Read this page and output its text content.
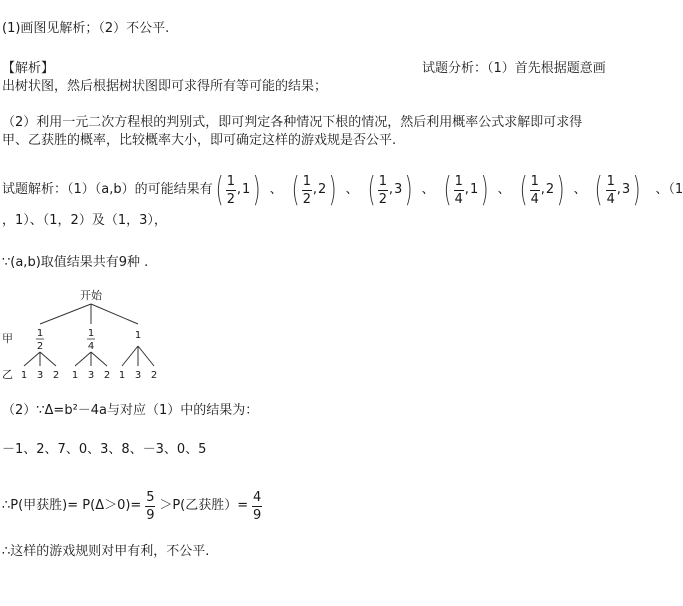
(1)画图见解析；（2）不公平.
【解析】	试题分析：（1）首先根据题意画
出树状图，然后根据树状图即可求得所有等可能的结果；
（2）利用一元二次方程根的判别式，即可判定各种情况下根的情况，然后利用概率公式求解即可求得
甲、乙获胜的概率，比较概率大小，即可确定这样的游戏规是否公平.
试题解析：（1）（a,b）的可能结果有 ( $\frac{1}{2}$ , 1 ) 、 ( $\frac{1}{2}$ , 2 ) 、 ( $\frac{1}{2}$ , 3 ) 、 ( $\frac{1}{4}$ , 1 ) 、 ( $\frac{1}{4}$ , 2 ) 、 ( $\frac{1}{4}$ , 3 ) 、（1
，1）、（1，2）及（1，3），
∵(a,b)取值结果共有9种 .
开始
甲 1
2
1
4
1
乙 1 3 2 1 3 2 1 3 2
（2）∵Δ=b²－4a与对应（1）中的结果为：
－1、2、7、0、3、8、－3、0、5
∴P(甲获胜)= $P(\Delta>0)= \frac{5}{9} >P$(乙获胜）= $\frac{4}{9}$
∴这样的游戏规则对甲有利，不公平.
